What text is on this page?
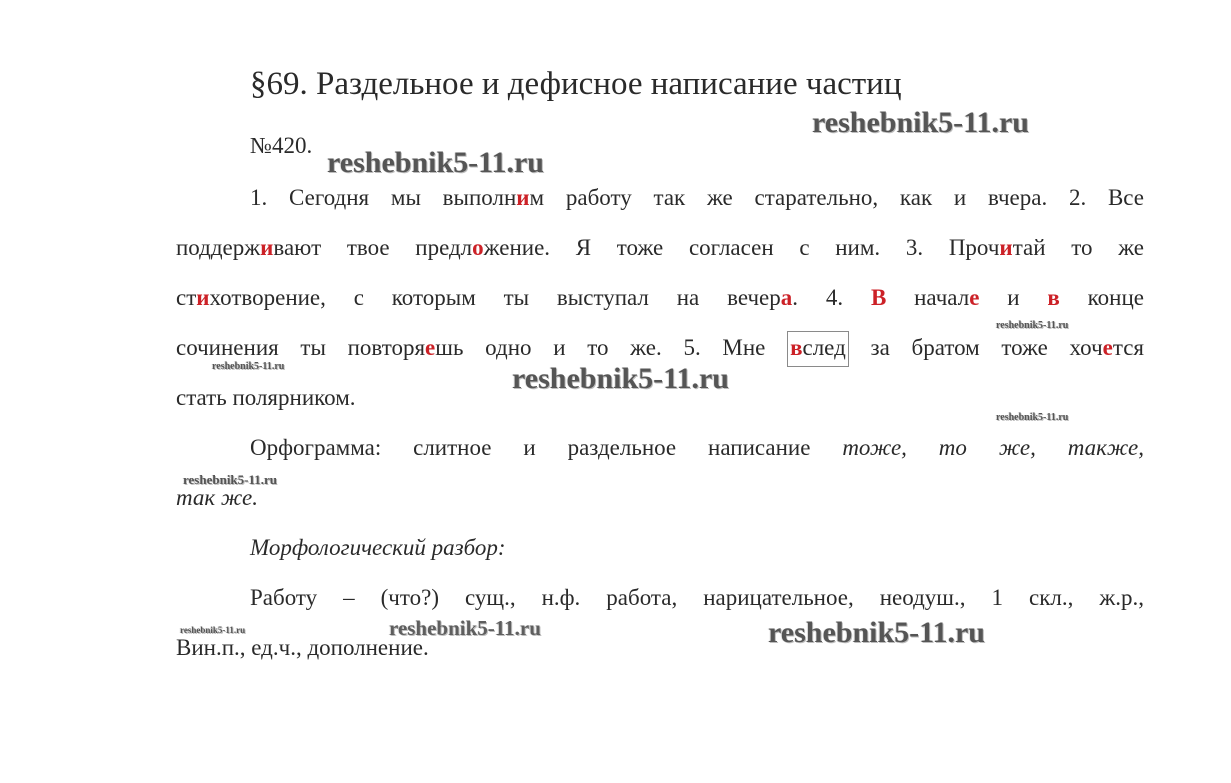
§69. Раздельное и дефисное написание частиц
№420.
1. Сегодня мы выполним работу так же старательно, как и вчера. 2. Все
поддерживают твое предложение. Я тоже согласен с ним. 3. Прочитай то же
стихотворение, с которым ты выступал на вечера. 4. В начале и в конце
сочинения ты повторяешь одно и то же. 5. Мне вслед за братом тоже хочется
стать полярником.
Орфограмма: слитное и раздельное написание тоже, то же, также,
так же.
Морфологический разбор:
Работу – (что?) сущ., н.ф. работа, нарицательное, неодуш., 1 скл., ж.р.,
Вин.п., ед.ч., дополнение.
reshebnik5-11.ru
reshebnik5-11.ru
reshebnik5-11.ru
reshebnik5-11.ru	reshebnik5-11.ru
reshebnik5-11.ru
reshebnik5-11.ru
reshebnik5-11.ru	reshebnik5-11.ru	reshebnik5-11.ru
